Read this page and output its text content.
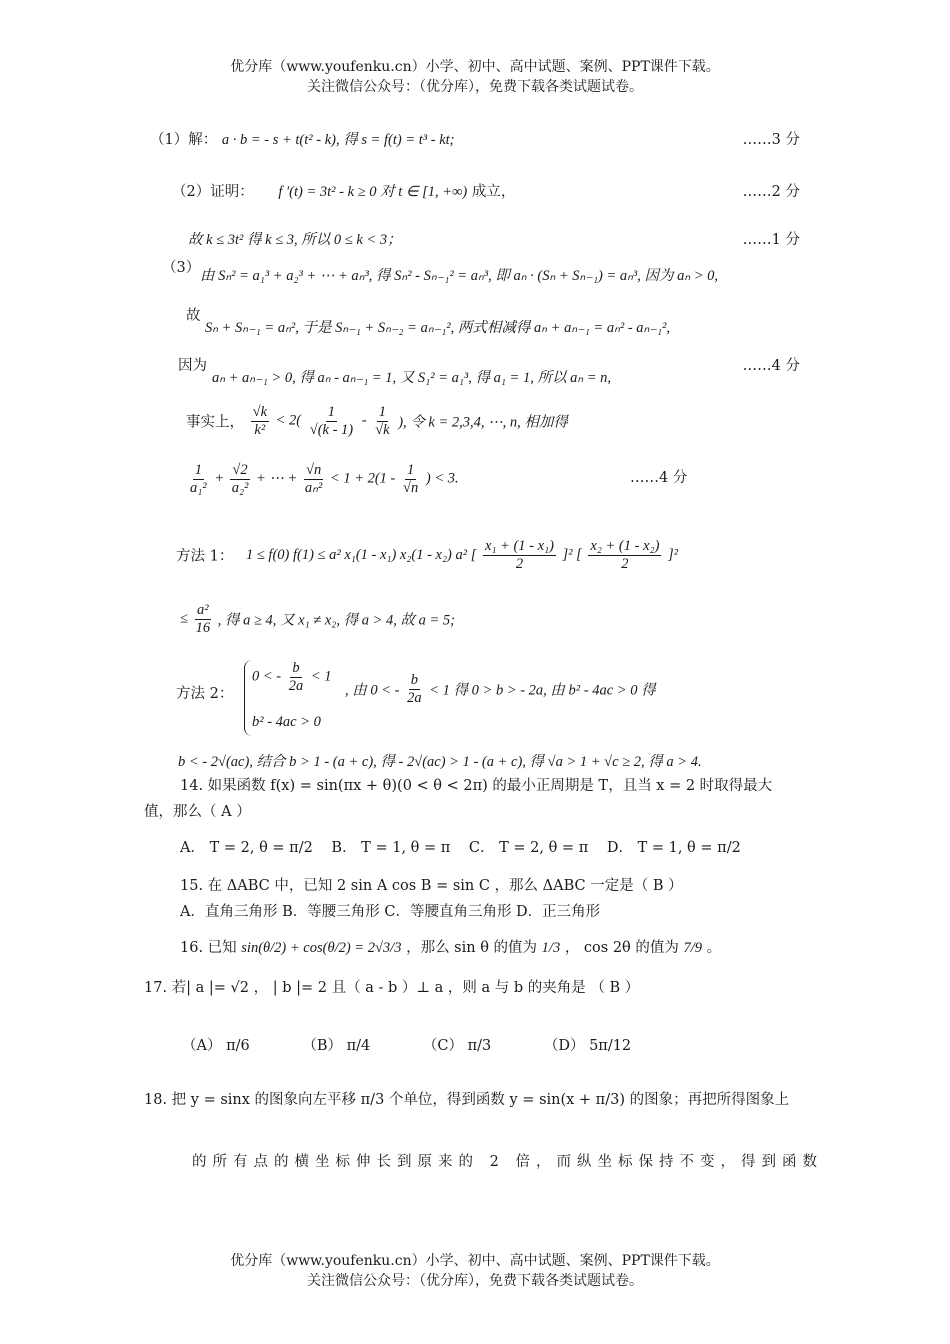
优分库（www.youfenku.cn）小学、初中、高中试题、案例、PPT课件下载。
关注微信公众号：（优分库），免费下载各类试题试卷。
（1）解： a · b = - s + t(t² - k), 得 s = f(t) = t³ - kt;	……3 分
（2）证明： f ′(t) = 3t² - k ≥ 0 对 t ∈ [1, +∞) 成立，	……2 分
故 k ≤ 3t² 得 k ≤ 3, 所以 0 ≤ k < 3；	……1 分
（3） 由 Sₙ² = a₁³ + a₂³ + ⋯ + aₙ³, 得 Sₙ² - Sₙ₋₁² = aₙ³, 即 aₙ · (Sₙ + Sₙ₋₁) = aₙ³, 因为 aₙ > 0,
故
Sₙ + Sₙ₋₁ = aₙ², 于是 Sₙ₋₁ + Sₙ₋₂ = aₙ₋₁², 两式相减得 aₙ + aₙ₋₁ = aₙ² - aₙ₋₁²,
因为
aₙ + aₙ₋₁ > 0, 得 aₙ - aₙ₋₁ = 1, 又 S₁² = a₁³, 得 a₁ = 1, 所以 aₙ = n,
……4 分
事实上， $\frac{√k}{\text{k²}} < 2( \frac{1}{√(k - 1)} - \frac{1}{√k}$ ), 令 k = 2,3,4, ⋯, n, 相加得
$\frac{1}{\text{a₁²}} + \frac{√2}{\text{a₂²}}$ + ⋯ + $\frac{√n}{\text{aₙ²}} < 1 + 2(1 - \frac{1}{√n}$ ) < 3.	……4 分
方法 1： 1 ≤ f(0) f(1) ≤ a² x₁(1 - x₁) x₂(1 - x₂) a² [ $\frac{\text{x₁ + (1 - x₁)}}{2} ]^2$ [ $\frac{\text{x₂ + (1 - x₂)}}{2} ]^2$
≤ $\frac{\text{a²}}{16}$ , 得 a ≥ 4, 又 x₁ ≠ x₂, 得 a > 4, 故 a = 5;
方法 2：
0 < - $\frac{b}{2a} < 1$
b² - 4ac > 0
, 由 0 < - $\frac{b}{2a} < 1$ 得 0 > b > - 2a, 由 b² - 4ac > 0 得
b < - 2√(ac), 结合 b > 1 - (a + c), 得 - 2√(ac) > 1 - (a + c), 得 √a > 1 + √c ≥ 2, 得 a > 4.
14. 如果函数 f(x) = sin(πx + θ)(0 < θ < 2π) 的最小正周期是 T，且当 x = 2 时取得最大
值，那么（ A ）
A． T = 2, θ = π/2 B． T = 1, θ = π C． T = 2, θ = π D． T = 1, θ = π/2
15. 在 ΔABC 中，已知 2 sin A cos B = sin C ，那么 ΔABC 一定是（ B ）
A．直角三角形 B．等腰三角形 C．等腰直角三角形 D．正三角形
16. 已知 sin(θ/2) + cos(θ/2) = 2√3/3 ，那么 sin θ 的值为 1/3 ， cos 2θ 的值为 7/9 。
17. 若| a |= √2 ， | b |= 2 且（ a - b ）⊥ a ，则 a 与 b 的夹角是 （ B ）
（A） π/6	（B） π/4	（C） π/3	（D） 5π/12
18. 把 y = sinx 的图象向左平移 π/3 个单位，得到函数 y = sin(x + π/3) 的图象；再把所得图象上
的所有点的横坐标伸长到原来的 2 倍，而纵坐标保持不变，得到函数
优分库（www.youfenku.cn）小学、初中、高中试题、案例、PPT课件下载。
关注微信公众号：（优分库），免费下载各类试题试卷。
